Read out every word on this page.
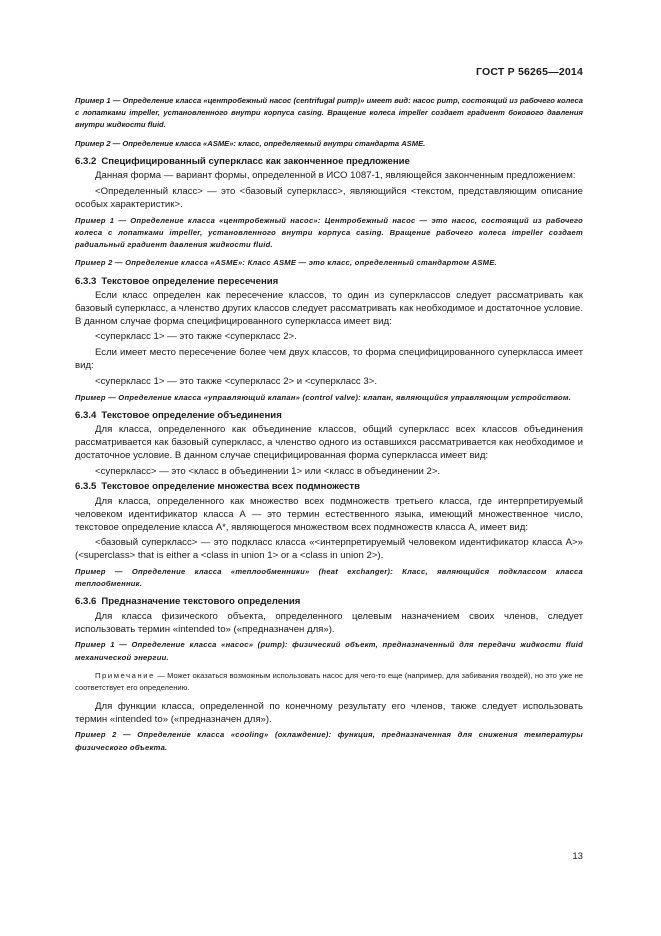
ГОСТ Р 56265—2014

Пример 1 — Определение класса «центробежный насос (centrifugal pump)» имеет вид: насос pump, состоящий из рабочего колеса с лопатками impeller, установленного внутри корпуса casing. Вращение колеса impeller создает градиент бокового давления внутри жидкости fluid.

Пример 2 — Определение класса «ASME»: класс, определяемый внутри стандарта ASME.

6.3.2 Специфицированный суперкласс как законченное предложение

Данная форма — вариант формы, определенной в ИСО 1087-1, являющейся законченным предложением:

<Определенный класс> — это <базовый суперкласс>, являющийся <текстом, представляющим описание особых характеристик>.

Пример 1 — Определение класса «центробежный насос»: Центробежный насос — это насос, состоящий из рабочего колеса с лопатками impeller, установленного внутри корпуса casing. Вращение рабочего колеса impeller создает радиальный градиент давления жидкости fluid.

Пример 2 — Определение класса «ASME»: Класс ASME — это класс, определенный стандартом ASME.

6.3.3 Текстовое определение пересечения

Если класс определен как пересечение классов, то один из суперклассов следует рассматривать как базовый суперкласс, а членство других классов следует рассматривать как необходимое и достаточное условие. В данном случае форма специфицированного суперкласса имеет вид:

<суперкласс 1> — это также <суперкласс 2>.

Если имеет место пересечение более чем двух классов, то форма специфицированного суперкласса имеет вид:

<суперкласс 1> — это также <суперкласс 2> и <суперкласс 3>.

Пример — Определение класса «управляющий клапан» (control valve): клапан, являющийся управляющим устройством.

6.3.4 Текстовое определение объединения

Для класса, определенного как объединение классов, общий суперкласс всех классов объединения рассматривается как базовый суперкласс, а членство одного из оставшихся рассматривается как необходимое и достаточное условие. В данном случае специфицированная форма суперкласса имеет вид:

<суперкласс> — это <класс в объединении 1> или <класс в объединении 2>.

6.3.5 Текстовое определение множества всех подмножеств

Для класса, определенного как множество всех подмножеств третьего класса, где интерпретируемый человеком идентификатор класса А — это термин естественного языка, имеющий множественное число, текстовое определение класса А*, являющегося множеством всех подмножеств класса А, имеет вид:

<базовый суперкласс> — это подкласс класса «<интерпретируемый человеком идентификатор класса А>» (<superclass> that is either a <class in union 1> or a <class in union 2>).

Пример — Определение класса «теплообменники» (heat exchanger): Класс, являющийся подклассом класса теплообменник.

6.3.6 Предназначение текстового определения

Для класса физического объекта, определенного целевым назначением своих членов, следует использовать термин «intended to» («предназначен для»).

Пример 1 — Определение класса «насос» (pump): физический объект, предназначенный для передачи жидкости fluid механической энергии.

Примечание — Может оказаться возможным использовать насос для чего-то еще (например, для забивания гвоздей), но это уже не соответствует его определению.

Для функции класса, определенной по конечному результату его членов, также следует использовать термин «intended to» («предназначен для»).

Пример 2 — Определение класса «cooling» (охлаждение): функция, предназначенная для снижения температуры физического объекта.

13
